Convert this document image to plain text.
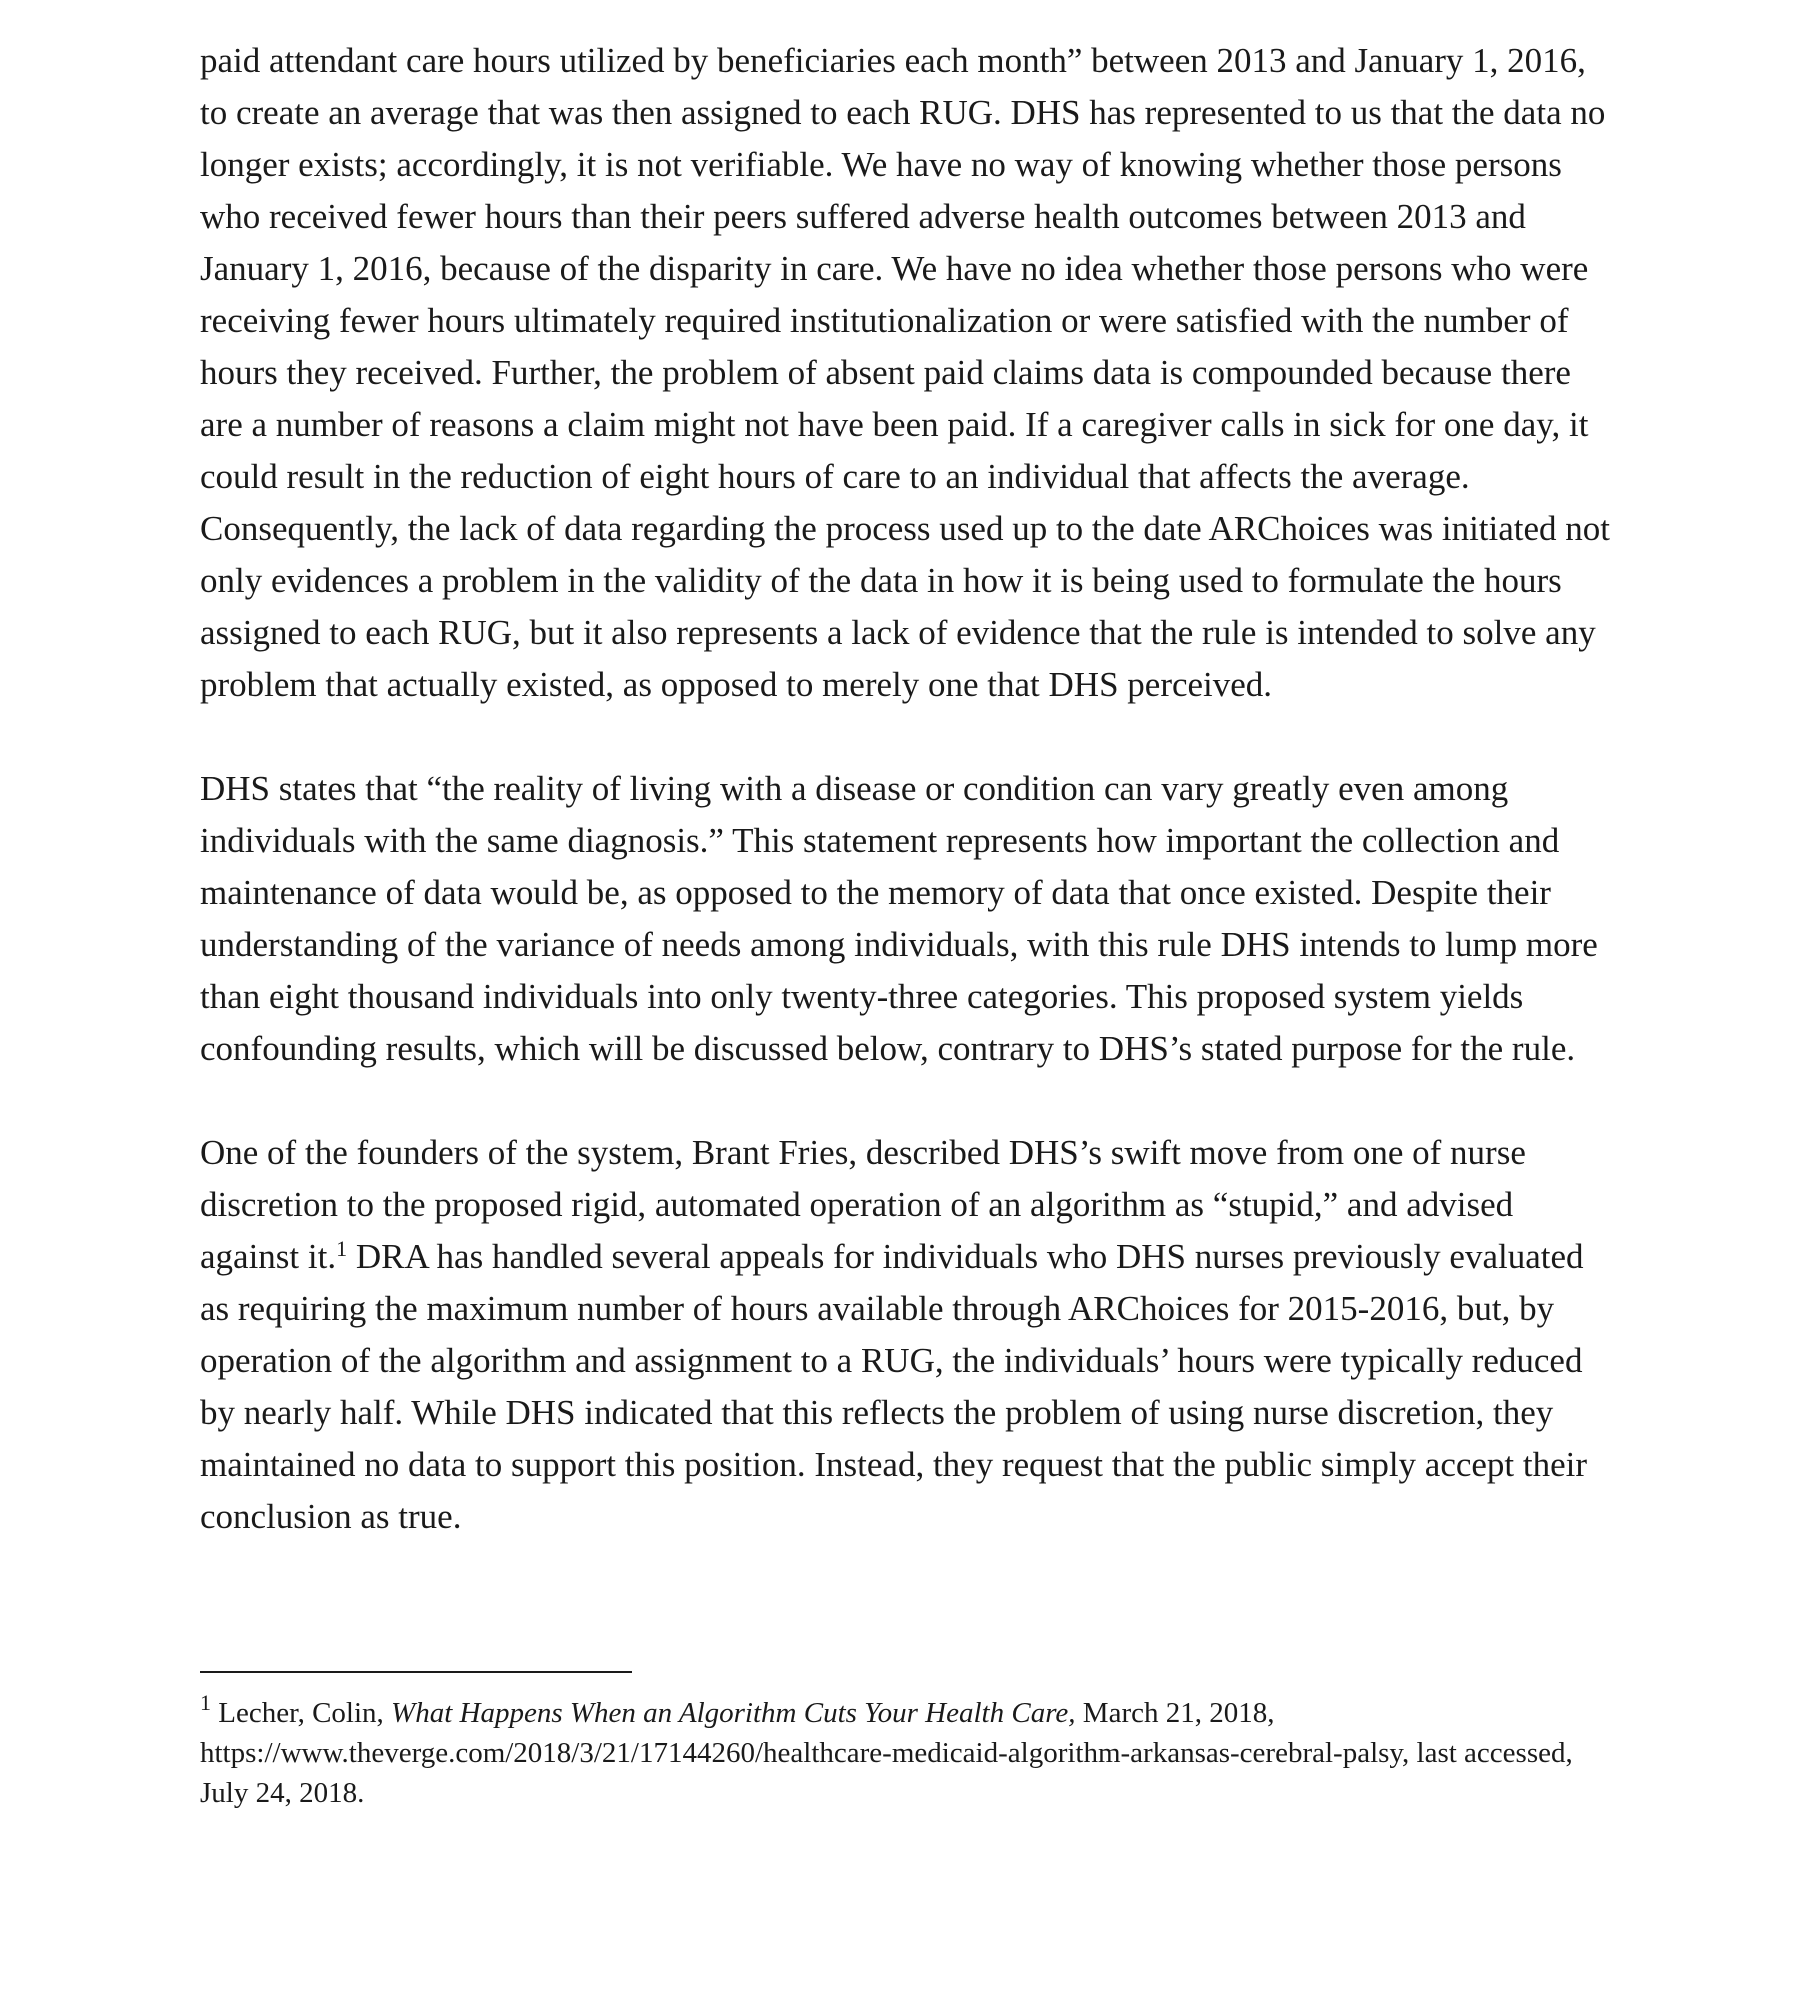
paid attendant care hours utilized by beneficiaries each month” between 2013 and January 1, 2016, to create an average that was then assigned to each RUG. DHS has represented to us that the data no longer exists; accordingly, it is not verifiable. We have no way of knowing whether those persons who received fewer hours than their peers suffered adverse health outcomes between 2013 and January 1, 2016, because of the disparity in care. We have no idea whether those persons who were receiving fewer hours ultimately required institutionalization or were satisfied with the number of hours they received. Further, the problem of absent paid claims data is compounded because there are a number of reasons a claim might not have been paid. If a caregiver calls in sick for one day, it could result in the reduction of eight hours of care to an individual that affects the average. Consequently, the lack of data regarding the process used up to the date ARChoices was initiated not only evidences a problem in the validity of the data in how it is being used to formulate the hours assigned to each RUG, but it also represents a lack of evidence that the rule is intended to solve any problem that actually existed, as opposed to merely one that DHS perceived.

DHS states that “the reality of living with a disease or condition can vary greatly even among individuals with the same diagnosis.” This statement represents how important the collection and maintenance of data would be, as opposed to the memory of data that once existed. Despite their understanding of the variance of needs among individuals, with this rule DHS intends to lump more than eight thousand individuals into only twenty-three categories. This proposed system yields confounding results, which will be discussed below, contrary to DHS’s stated purpose for the rule.

One of the founders of the system, Brant Fries, described DHS’s swift move from one of nurse discretion to the proposed rigid, automated operation of an algorithm as “stupid,” and advised against it.$^1$ DRA has handled several appeals for individuals who DHS nurses previously evaluated as requiring the maximum number of hours available through ARChoices for 2015-2016, but, by operation of the algorithm and assignment to a RUG, the individuals’ hours were typically reduced by nearly half. While DHS indicated that this reflects the problem of using nurse discretion, they maintained no data to support this position. Instead, they request that the public simply accept their conclusion as true.

$^1$ Lecher, Colin, What Happens When an Algorithm Cuts Your Health Care, March 21, 2018, https://www.theverge.com/2018/3/21/17144260/healthcare-medicaid-algorithm-arkansas-cerebral-palsy, last accessed, July 24, 2018.
